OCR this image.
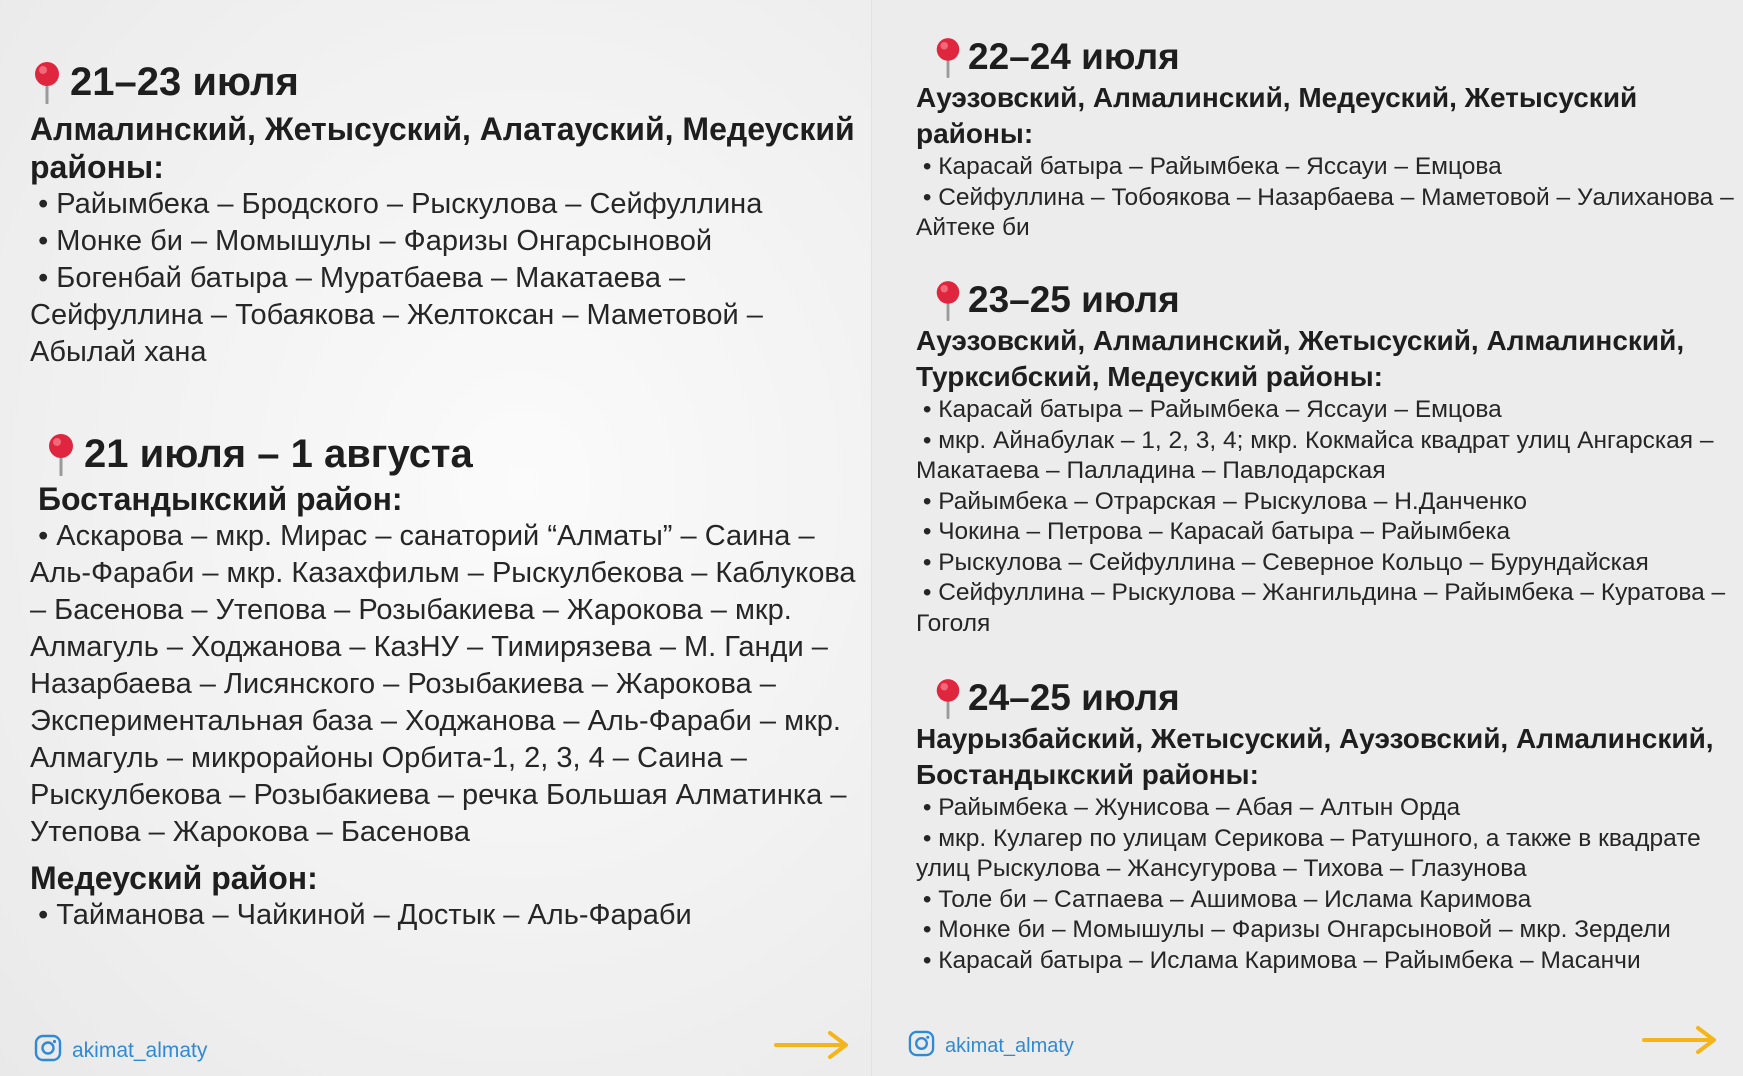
21–23 июля

Алмалинский, Жетысуский, Алатауский, Медеуский районы:

• Райымбека – Бродского – Рыскулова – Сейфуллина

• Монке би – Момышулы – Фаризы Онгарсыновой

• Богенбай батыра – Муратбаева – Макатаева – Сейфуллина – Тобаякова – Желтоксан – Маметовой – Абылай хана

21 июля – 1 августа

Бостандыкский район:

• Аскарова – мкр. Мирас – санаторий “Алматы” – Саина – Аль-Фараби – мкр. Казахфильм – Рыскулбекова – Каблукова – Басенова – Утепова – Розыбакиева – Жарокова – мкр. Алмагуль – Ходжанова – КазНУ – Тимирязева – М. Ганди – Назарбаева – Лисянского – Розыбакиева – Жарокова – Экспериментальная база – Ходжанова – Аль-Фараби – мкр. Алмагуль – микрорайоны Орбита-1, 2, 3, 4 – Саина – Рыскулбекова – Розыбакиева – речка Большая Алматинка – Утепова – Жарокова – Басенова

Медеуский район:

• Тайманова – Чайкиной – Достык – Аль-Фараби

akimat_almaty
22–24 июля

Ауэзовский, Алмалинский, Медеуский, Жетысуский районы:

• Карасай батыра – Райымбека – Яссауи – Емцова

• Сейфуллина – Тобоякова – Назарбаева – Маметовой – Уалиханова – Айтеке би

23–25 июля

Ауэзовский, Алмалинский, Жетысуский, Алмалинский, Турксибский, Медеуский районы:

• Карасай батыра – Райымбека – Яссауи – Емцова

• мкр. Айнабулак – 1, 2, 3, 4; мкр. Кокмайса квадрат улиц Ангарская – Макатаева – Палладина – Павлодарская

• Райымбека – Отрарская – Рыскулова – Н.Данченко

• Чокина – Петрова – Карасай батыра – Райымбека

• Рыскулова – Сейфуллина – Северное Кольцо – Бурундайская

• Сейфуллина – Рыскулова – Жангильдина – Райымбека – Куратова – Гоголя

24–25 июля

Наурызбайский, Жетысуский, Ауэзовский, Алмалинский, Бостандыкский районы:

• Райымбека – Жунисова – Абая – Алтын Орда

• мкр. Кулагер по улицам Серикова – Ратушного, а также в квадрате улиц Рыскулова – Жансугурова – Тихова – Глазунова

• Толе би – Сатпаева – Ашимова – Ислама Каримова

• Монке би – Момышулы – Фаризы Онгарсыновой – мкр. Зердели

• Карасай батыра – Ислама Каримова – Райымбека – Масанчи

akimat_almaty
